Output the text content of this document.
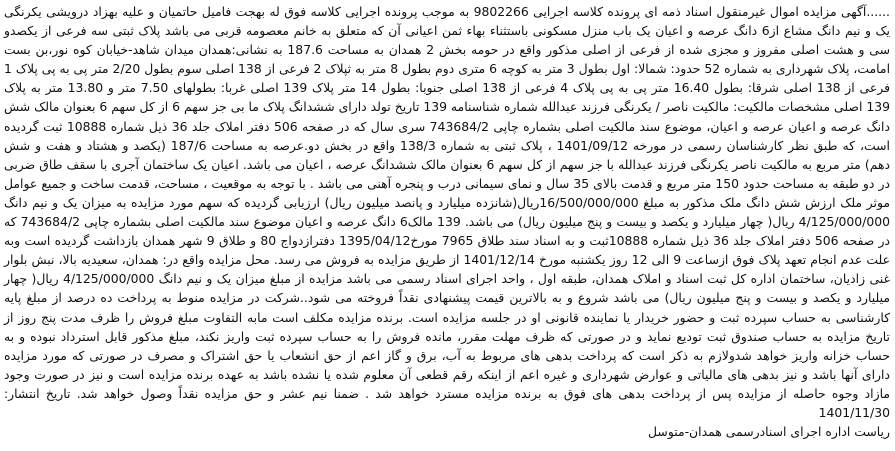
......آگهی مزایده اموال غیرمنقول اسناد ذمه ای پرونده کلاسه اجرایی 9802266 به موجب پرونده اجرایی کلاسه فوق له بهجت فامیل حاتمیان و علیه بهزاد درویشی یکرنگی یک و نیم دانگ مشاع از6 دانگ عرصه و اعیان یک باب منزل مسکونی باستثناء بهاء ثمن اعیانی آن که متعلق به خانم معصومه قربی می باشد پلاک ثبتی سه فرعی از یکصدو سی و هشت اصلی مفروز و مجزی شده از فرعی از اصلی مذکور واقع در حومه بخش 2 همدان به مساحت 187.6 به نشانی:همدان میدان شاهد-خیابان کوه نور،بن بست امامت، پلاک شهرداری به شماره 52 حدود: شمالا: اول بطول 3 متر به کوچه 6 متری دوم بطول 8 متر به ثپلاک 2 فرعی از 138 اصلی سوم بطول 2/20 متر پی به پی پلاک 1 فرعی از 138 اصلی شرقا: بطول 16.40 متر پی به پی پلاک 4 فرعی از 138 اصلی جنوبا: بطول 14 متر پلاک 139 اصلی غربا: بطولهای 7.50 متر و 13.80 متر به پلاک 139 اصلی مشخصات مالکیت: مالکیت ناصر / یکرنگی فرزند عبدالله شماره شناسنامه 139 تاریخ تولد دارای ششدانگ پلاک ما بی جز سهم 6 از کل سهم 6 بعنوان مالک شش دانگ عرصه و اعیان عرصه و اعیان، موضوع سند مالکیت اصلی بشماره چاپی 743684/2 سری سال که در صفحه 506 دفتر املاک جلد 36 ذیل شماره 10888 ثبت گردیده است، که طبق نظر کارشناسان رسمی در مورخه 1401/09/12 ، پلاک ثبتی به شماره 138/3 واقع در بخش دو.عرصه به مساحت 187/6 (یکصد و هشتاد و هفت و شش دهم) متر مربع به مالکیت ناصر یکرنگی فرزند عبدالله با جز سهم از کل سهم 6 بعنوان مالک ششدانگ عرصه ، اعیان می باشد. اعیان یک ساختمان آجری با سقف طاق ضربی در دو طبقه به مساحت حدود 150 متر مربع و قدمت بالای 35 سال و نمای سیمانی درب و پنجره آهنی می باشد . با توجه به موقعیت ، مساحت، قدمت ساخت و جمیع عوامل موثر ملک ارزش شش دانگ ملک مذکور به مبلغ 16/500/000/000ریال(شانزده میلیارد و پانصد میلیون ریال) ارزیابی گردیده که سهم مورد مزایده به میزان یک و نیم دانگ 4/125/000/000 ریال( چهار میلیارد و یکصد و بیست و پنج میلیون ریال) می باشد. 139 مالک6 دانگ عرصه و اعیان موضوع سند مالکیت اصلی بشماره چاپی 743684/2 که در صفحه 506 دفتر املاک جلد 36 ذیل شماره 10888ثبت و به اسناد سند طلاق 7965 مورخ1395/04/12 دفترازدواج 80 و طلاق 9 شهر همدان بازداشت گردیده است وبه علت عدم انجام تعهد پلاک فوق ازساعت 9 الی 12 روز یکشنبه مورخ 1401/12/14 از طریق مزایده به فروش می رسد. محل مزایده واقع در: همدان، سعیدیه بالا، نبش بلوار غنی زادیان، ساختمان اداره کل ثبت اسناد و املاک همدان، طبقه اول ، واحد اجرای اسناد رسمی می باشد مزایده از مبلغ میزان یک و نیم دانگ 4/125/000/000 ریال( چهار میلیارد و یکصد و بیست و پنج میلیون ریال) می باشد شروع و به بالاترین قیمت پیشنهادی نقداً فروخته می شود..شرکت در مزایده منوط به پرداخت ده درصد از مبلغ پایه کارشناسی به حساب سپرده ثبت و حضور خریدار یا نماینده قانونی او در جلسه مزایده است. برنده مزایده مکلف است مابه التفاوت مبلغ فروش را ظرف مدت پنج روز از تاریخ مزایده به حساب صندوق ثبت تودیع نماید و در صورتی که ظرف مهلت مقرر، مانده فروش را به حساب سپرده ثبت واریز نکند، مبلغ مذکور قابل استرداد نبوده و به حساب خزانه واریز خواهد شدولازم به ذکر است که پرداخت بدهی های مربوط به آب، برق و گاز اعم از حق انشعاب یا حق اشتراک و مصرف در صورتی که مورد مزایده دارای آنها باشد و نیز بدهی های مالیاتی و عوارض شهرداری و غیره اعم از اینکه رقم قطعی آن معلوم شده یا نشده باشد به عهده برنده مزایده است و نیز در صورت وجود مازاد وجوه حاصله از مزایده پس از پرداخت بدهی های فوق به برنده مزایده مسترد خواهد شد . ضمنا نیم عشر و حق مزایده نقداً وصول خواهد شد. تاریخ انتشار: 1401/11/30

ریاست اداره اجرای اسنادرسمی همدان-متوسل
